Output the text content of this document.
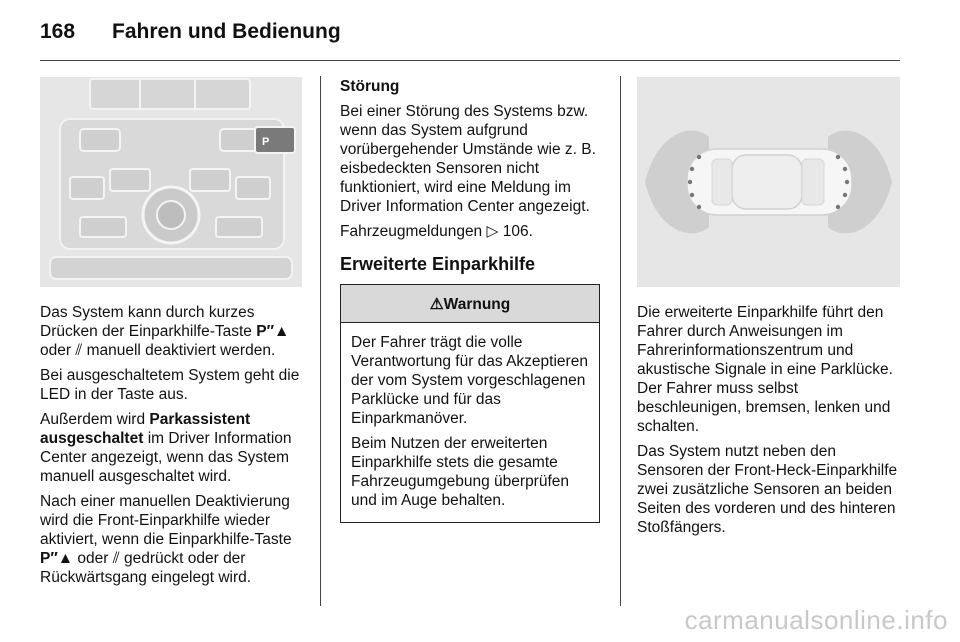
168 Fahren und Bedienung
P

Das System kann durch kurzes Drücken der Einparkhilfe-Taste P″▲ oder ⫽ manuell deaktiviert werden.

Bei ausgeschaltetem System geht die LED in der Taste aus.

Außerdem wird Parkassistent ausgeschaltet im Driver Information Center angezeigt, wenn das System manuell ausgeschaltet wird.

Nach einer manuellen Deaktivierung wird die Front-Einparkhilfe wieder aktiviert, wenn die Einparkhilfe-Taste P″▲ oder ⫽ gedrückt oder der Rückwärtsgang eingelegt wird.

Störung

Bei einer Störung des Systems bzw. wenn das System aufgrund vorübergehender Umstände wie z. B. eisbedeckten Sensoren nicht funktioniert, wird eine Meldung im Driver Information Center angezeigt.

Fahrzeugmeldungen ▷ 106.

Erweiterte Einparkhilfe
⚠Warnung

Der Fahrer trägt die volle Verantwortung für das Akzeptieren der vom System vorgeschlagenen Parklücke und für das Einparkmanöver.

Beim Nutzen der erweiterten Einparkhilfe stets die gesamte Fahrzeugumgebung überprüfen und im Auge behalten.

Die erweiterte Einparkhilfe führt den Fahrer durch Anweisungen im Fahrerinformationszentrum und akustische Signale in eine Parklücke. Der Fahrer muss selbst beschleunigen, bremsen, lenken und schalten.

Das System nutzt neben den Sensoren der Front-Heck-Einparkhilfe zwei zusätzliche Sensoren an beiden Seiten des vorderen und des hinteren Stoßfängers.

carmanualsonline.info
